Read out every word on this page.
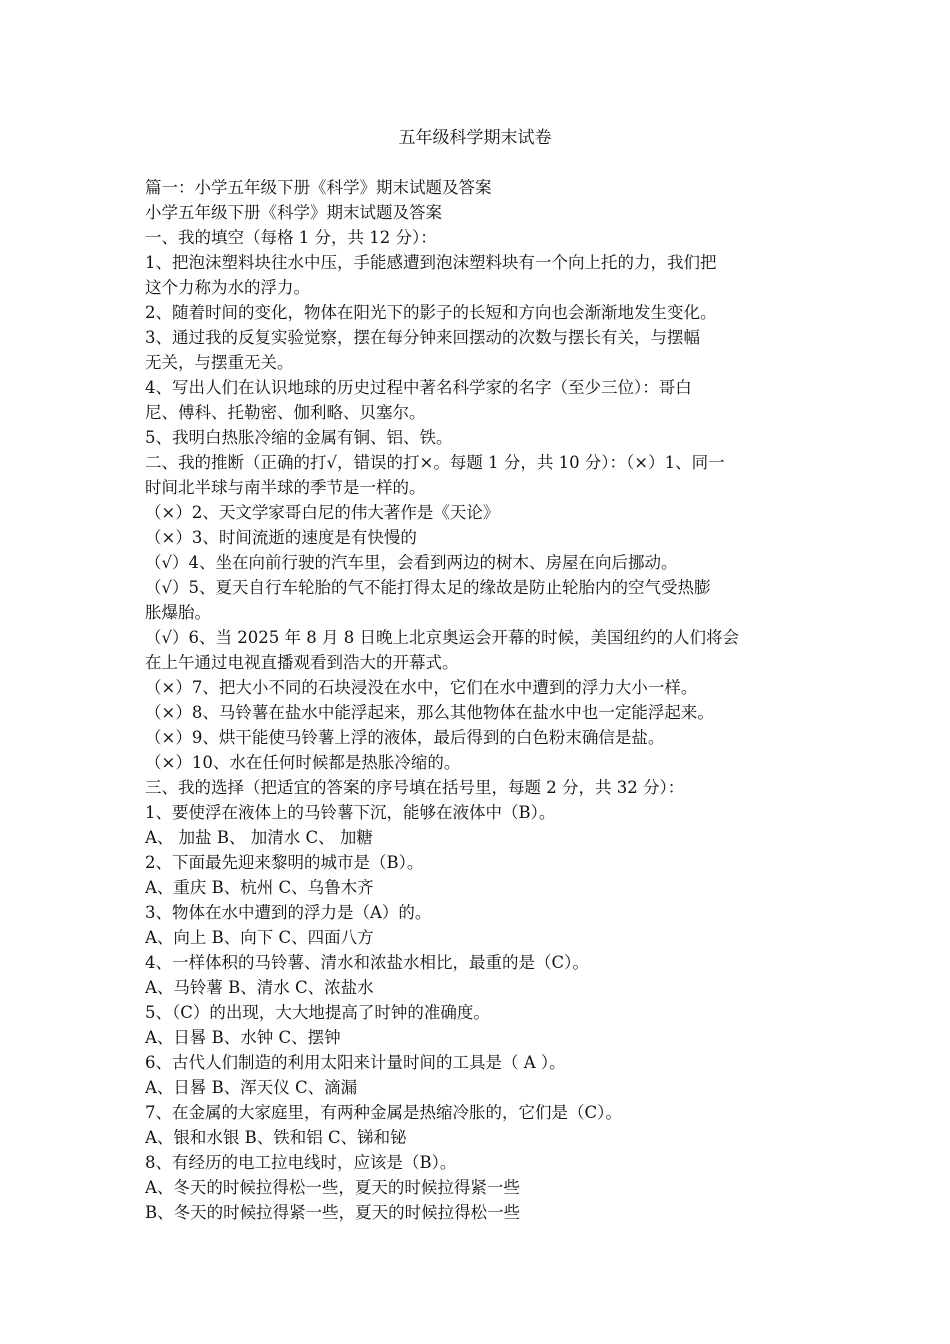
五年级科学期末试卷
篇一：小学五年级下册《科学》期末试题及答案
小学五年级下册《科学》期末试题及答案
一、我的填空（每格 1 分，共 12 分）：
1、把泡沫塑料块往水中压，手能感遭到泡沫塑料块有一个向上托的力，我们把
这个力称为水的浮力。
2、随着时间的变化，物体在阳光下的影子的长短和方向也会渐渐地发生变化。
3、通过我的反复实验觉察，摆在每分钟来回摆动的次数与摆长有关，与摆幅
无关，与摆重无关。
4、写出人们在认识地球的历史过程中著名科学家的名字（至少三位）：哥白
尼、傅科、托勒密、伽利略、贝塞尔。
5、我明白热胀冷缩的金属有铜、铝、铁。
二、我的推断（正确的打√，错误的打×。每题 1 分，共 10 分）：（×）1、同一
时间北半球与南半球的季节是一样的。
（×）2、天文学家哥白尼的伟大著作是《天论》
（×）3、时间流逝的速度是有快慢的
（√）4、坐在向前行驶的汽车里，会看到两边的树木、房屋在向后挪动。
（√）5、夏天自行车轮胎的气不能打得太足的缘故是防止轮胎内的空气受热膨
胀爆胎。
（√）6、当 2025 年 8 月 8 日晚上北京奥运会开幕的时候，美国纽约的人们将会
在上午通过电视直播观看到浩大的开幕式。
（×）7、把大小不同的石块浸没在水中，它们在水中遭到的浮力大小一样。
（×）8、马铃薯在盐水中能浮起来，那么其他物体在盐水中也一定能浮起来。
（×）9、烘干能使马铃薯上浮的液体，最后得到的白色粉末确信是盐。
（×）10、水在任何时候都是热胀冷缩的。
三、我的选择（把适宜的答案的序号填在括号里，每题 2 分，共 32 分）：
1、要使浮在液体上的马铃薯下沉，能够在液体中（B）。
A、 加盐 B、 加清水 C、 加糖
2、下面最先迎来黎明的城市是（B）。
A、重庆 B、杭州 C、乌鲁木齐
3、物体在水中遭到的浮力是（A）的。
A、向上 B、向下 C、四面八方
4、一样体积的马铃薯、清水和浓盐水相比，最重的是（C）。
A、马铃薯 B、清水 C、浓盐水
5、（C）的出现，大大地提高了时钟的准确度。
A、日晷 B、水钟 C、摆钟
6、古代人们制造的利用太阳来计量时间的工具是（ A ）。
A、日晷 B、浑天仪 C、滴漏
7、在金属的大家庭里，有两种金属是热缩冷胀的，它们是（C）。
A、银和水银 B、铁和铝 C、锑和铋
8、有经历的电工拉电线时，应该是（B）。
A、冬天的时候拉得松一些，夏天的时候拉得紧一些
B、冬天的时候拉得紧一些，夏天的时候拉得松一些
